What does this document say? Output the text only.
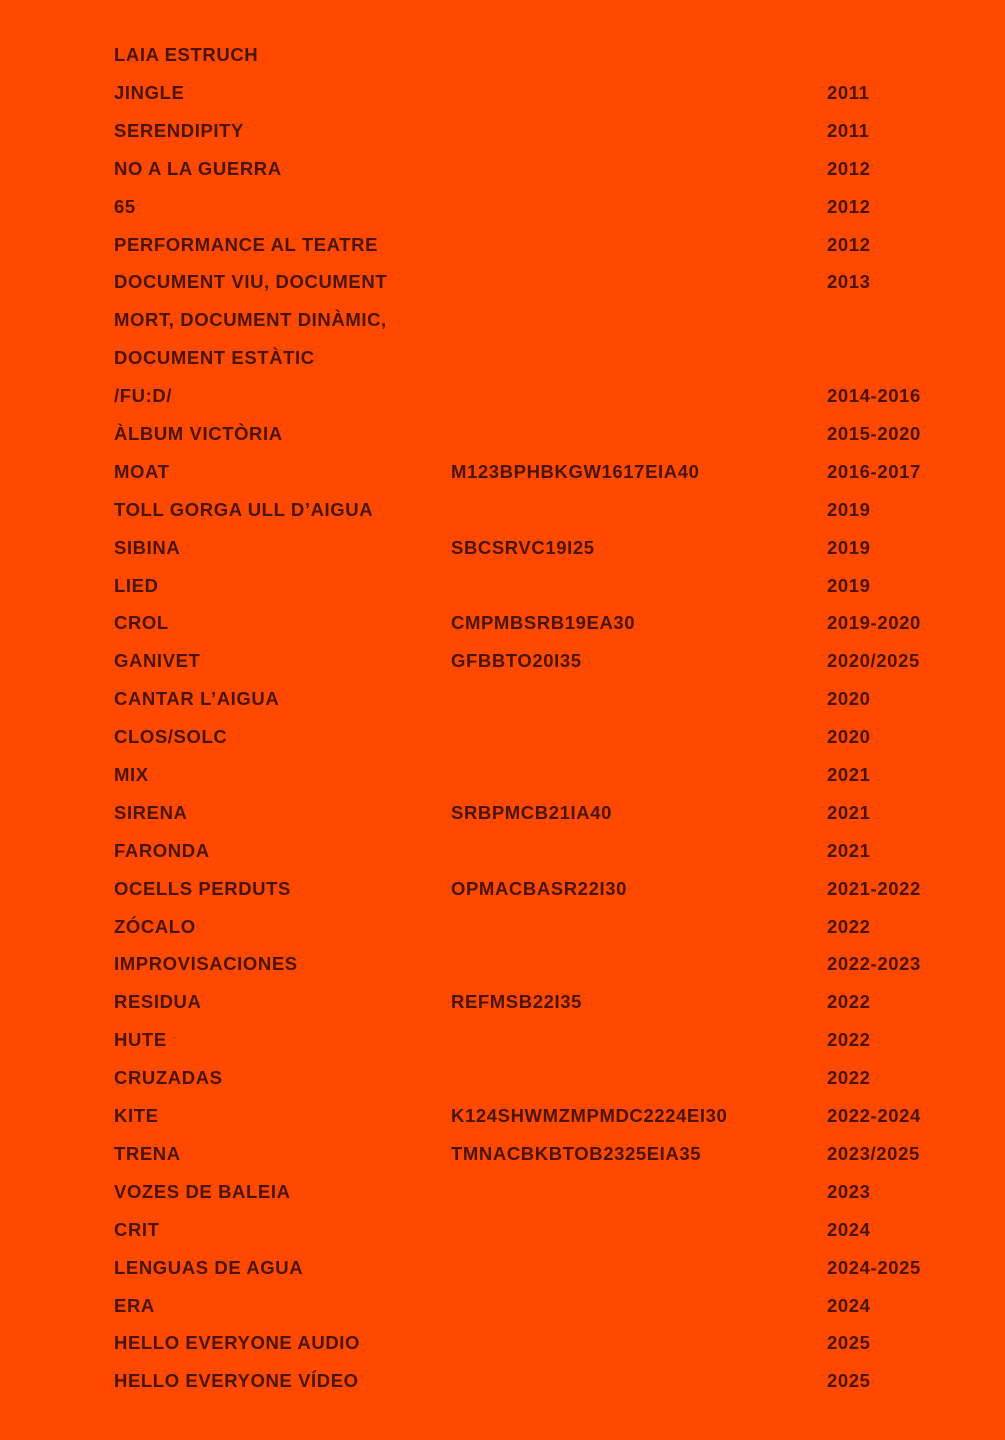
LAIA ESTRUCH
JINGLE	2011
SERENDIPITY	2011
NO A LA GUERRA	2012
65	2012
PERFORMANCE AL TEATRE	2012
DOCUMENT VIU, DOCUMENT	2013
MORT, DOCUMENT DINÀMIC,
DOCUMENT ESTÀTIC
/FU:D/	2014-2016
ÀLBUM VICTÒRIA	2015-2020
MOAT	M123BPHBKGW1617EIA40	2016-2017
TOLL GORGA ULL D’AIGUA	2019
SIBINA	SBCSRVC19I25	2019
LIED	2019
CROL	CMPMBSRB19EA30	2019-2020
GANIVET	GFBBTO20I35	2020/2025
CANTAR L’AIGUA	2020
CLOS/SOLC	2020
MIX	2021
SIRENA	SRBPMCB21IA40	2021
FARONDA	2021
OCELLS PERDUTS	OPMACBASR22I30	2021-2022
ZÓCALO	2022
IMPROVISACIONES	2022-2023
RESIDUA	REFMSB22I35	2022
HUTE	2022
CRUZADAS	2022
KITE	K124SHWMZMPMDC2224EI30	2022-2024
TRENA	TMNACBKBTOB2325EIA35	2023/2025
VOZES DE BALEIA	2023
CRIT	2024
LENGUAS DE AGUA	2024-2025
ERA	2024
HELLO EVERYONE AUDIO	2025
HELLO EVERYONE VÍDEO	2025
